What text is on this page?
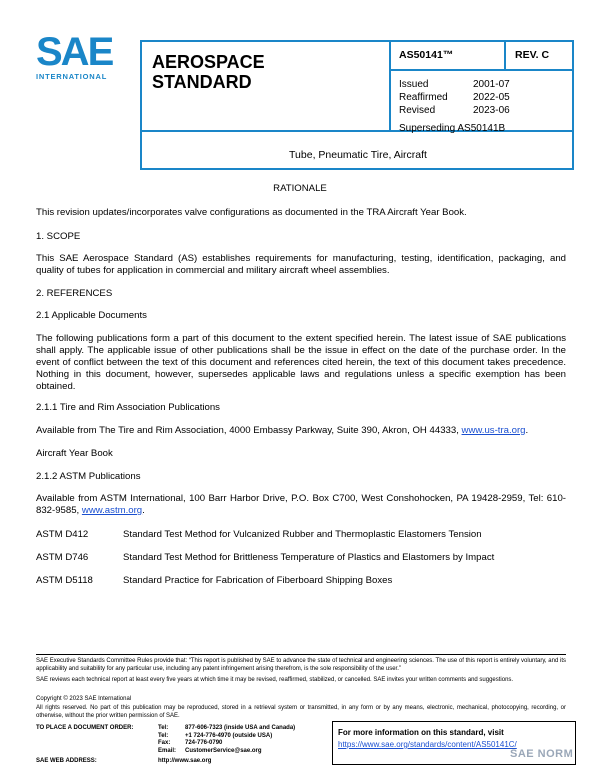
SAE
INTERNATIONAL
AEROSPACE
STANDARD
AS50141™	REV. C
Issued	2001-07
Reaffirmed	2022-05
Revised	2023-06
Superseding AS50141B
Tube, Pneumatic Tire, Aircraft
RATIONALE
This revision updates/incorporates valve configurations as documented in the TRA Aircraft Year Book.
1. SCOPE
This SAE Aerospace Standard (AS) establishes requirements for manufacturing, testing, identification, packaging, and quality of tubes for application in commercial and military aircraft wheel assemblies.
2. REFERENCES
2.1 Applicable Documents
The following publications form a part of this document to the extent specified herein. The latest issue of SAE publications shall apply. The applicable issue of other publications shall be the issue in effect on the date of the purchase order. In the event of conflict between the text of this document and references cited herein, the text of this document takes precedence. Nothing in this document, however, supersedes applicable laws and regulations unless a specific exemption has been obtained.
2.1.1 Tire and Rim Association Publications
Available from The Tire and Rim Association, 4000 Embassy Parkway, Suite 390, Akron, OH 44333, www.us-tra.org.
Aircraft Year Book
2.1.2 ASTM Publications
Available from ASTM International, 100 Barr Harbor Drive, P.O. Box C700, West Conshohocken, PA 19428-2959, Tel: 610-832-9585, www.astm.org.
ASTM D412	Standard Test Method for Vulcanized Rubber and Thermoplastic Elastomers Tension
ASTM D746	Standard Test Method for Brittleness Temperature of Plastics and Elastomers by Impact
ASTM D5118	Standard Practice for Fabrication of Fiberboard Shipping Boxes
SAE Executive Standards Committee Rules provide that: “This report is published by SAE to advance the state of technical and engineering sciences. The use of this report is entirely voluntary, and its applicability and suitability for any particular use, including any patent infringement arising therefrom, is the sole responsibility of the user.”
SAE reviews each technical report at least every five years at which time it may be revised, reaffirmed, stabilized, or cancelled. SAE invites your written comments and suggestions.
Copyright © 2023 SAE International
All rights reserved. No part of this publication may be reproduced, stored in a retrieval system or transmitted, in any form or by any means, electronic, mechanical, photocopying, recording, or otherwise, without the prior written permission of SAE.
TO PLACE A DOCUMENT ORDER:	Tel:	877-606-7323 (inside USA and Canada)
Tel:	+1 724-776-4970 (outside USA)
Fax:	724-776-0790
Email:	CustomerService@sae.org
SAE WEB ADDRESS:	http://www.sae.org
For more information on this standard, visit
https://www.sae.org/standards/content/AS50141C/
SAE NORM
